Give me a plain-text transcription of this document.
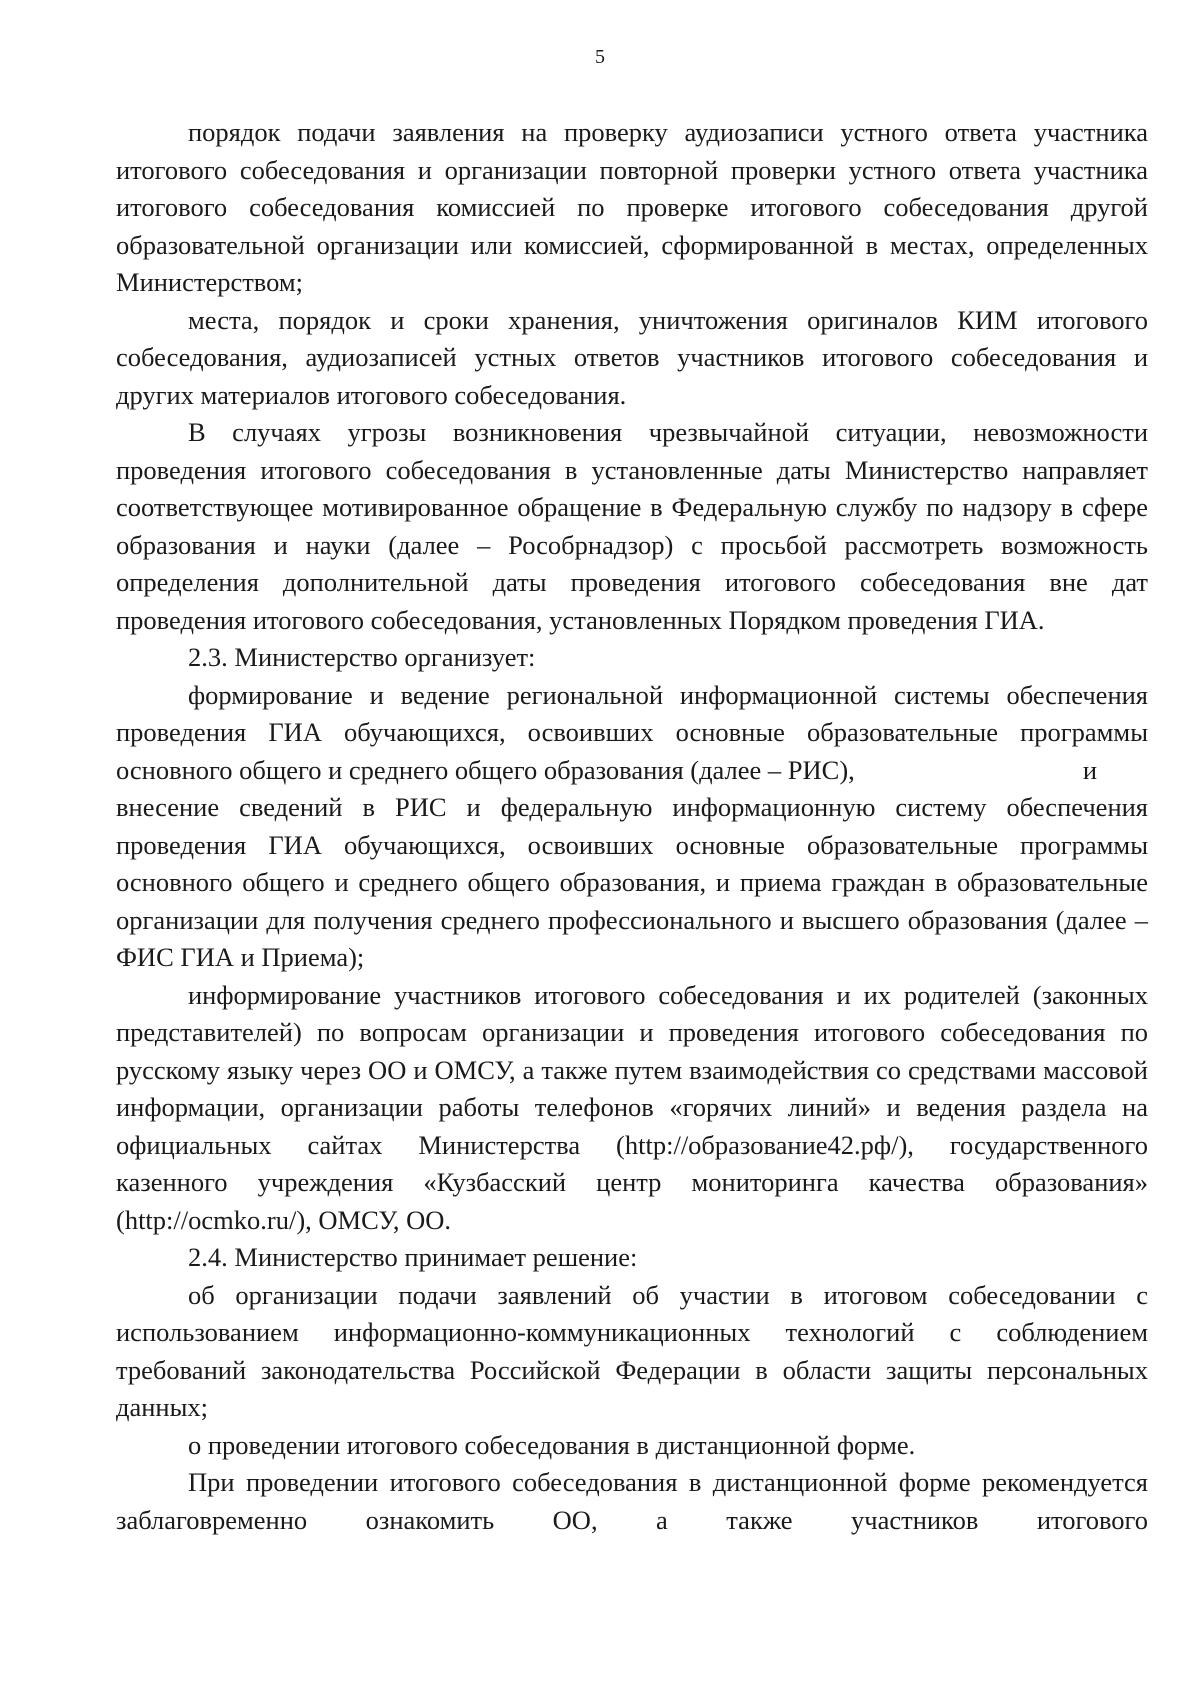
5

порядок подачи заявления на проверку аудиозаписи устного ответа участника итогового собеседования и организации повторной проверки устного ответа участника итогового собеседования комиссией по проверке итогового собеседования другой образовательной организации или комиссией, сформированной в местах, определенных Министерством;

места, порядок и сроки хранения, уничтожения оригиналов КИМ итогового собеседования, аудиозаписей устных ответов участников итогового собеседования и других материалов итогового собеседования.

В случаях угрозы возникновения чрезвычайной ситуации, невозможности проведения итогового собеседования в установленные даты Министерство направляет соответствующее мотивированное обращение в Федеральную службу по надзору в сфере образования и науки (далее – Рособрнадзор) с просьбой рассмотреть возможность определения дополнительной даты проведения итогового собеседования вне дат проведения итогового собеседования, установленных Порядком проведения ГИА.

2.3. Министерство организует:

формирование и ведение региональной информационной системы обеспечения проведения ГИА обучающихся, освоивших основные образовательные программы основного общего и среднего общего образования (далее – РИС),	и

внесение сведений в РИС и федеральную информационную систему обеспечения проведения ГИА обучающихся, освоивших основные образовательные программы основного общего и среднего общего образования, и приема граждан в образовательные организации для получения среднего профессионального и высшего образования (далее – ФИС ГИА и Приема);

информирование участников итогового собеседования и их родителей (законных представителей) по вопросам организации и проведения итогового собеседования по русскому языку через ОО и ОМСУ, а также путем взаимодействия со средствами массовой информации, организации работы телефонов «горячих линий» и ведения раздела на официальных сайтах Министерства (http://образование42.рф/), государственного казенного учреждения «Кузбасский центр мониторинга качества образования» (http://ocmko.ru/), ОМСУ, ОО.

2.4. Министерство принимает решение:

об организации подачи заявлений об участии в итоговом собеседовании с использованием информационно-коммуникационных технологий с соблюдением требований законодательства Российской Федерации в области защиты персональных данных;

о проведении итогового собеседования в дистанционной форме.

При проведении итогового собеседования в дистанционной форме рекомендуется заблаговременно ознакомить ОО, а также участников итогового
